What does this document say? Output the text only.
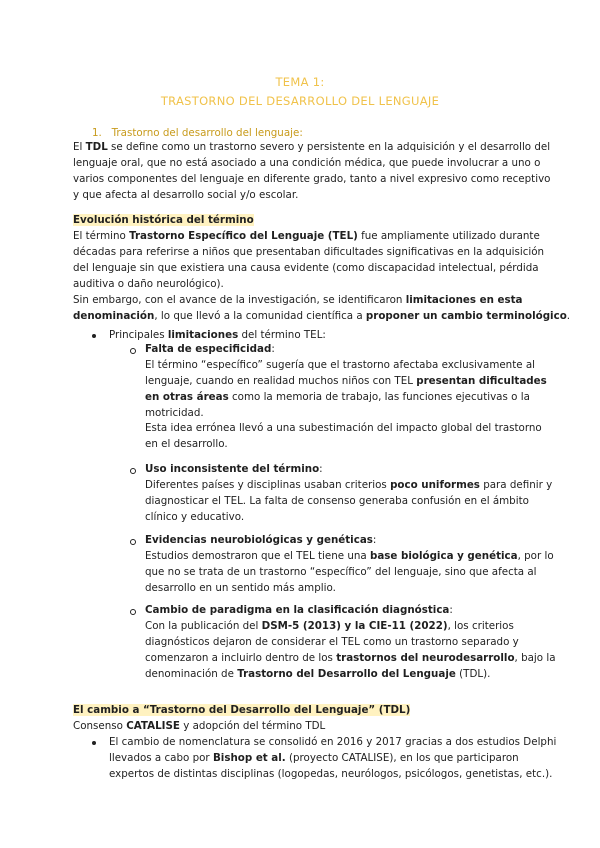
TEMA 1:
TRASTORNO DEL DESARROLLO DEL LENGUAJE
1. Trastorno del desarrollo del lenguaje:
El TDL se define como un trastorno severo y persistente en la adquisición y el desarrollo del
lenguaje oral, que no está asociado a una condición médica, que puede involucrar a uno o
varios componentes del lenguaje en diferente grado, tanto a nivel expresivo como receptivo
y que afecta al desarrollo social y/o escolar.
Evolución histórica del término
El término Trastorno Específico del Lenguaje (TEL) fue ampliamente utilizado durante
décadas para referirse a niños que presentaban dificultades significativas en la adquisición
del lenguaje sin que existiera una causa evidente (como discapacidad intelectual, pérdida
auditiva o daño neurológico).
Sin embargo, con el avance de la investigación, se identificaron limitaciones en esta
denominación, lo que llevó a la comunidad científica a proponer un cambio terminológico.
Principales limitaciones del término TEL:
Falta de especificidad:
El término “específico” sugería que el trastorno afectaba exclusivamente al
lenguaje, cuando en realidad muchos niños con TEL presentan dificultades
en otras áreas como la memoria de trabajo, las funciones ejecutivas o la
motricidad.
Esta idea errónea llevó a una subestimación del impacto global del trastorno
en el desarrollo.
Uso inconsistente del término:
Diferentes países y disciplinas usaban criterios poco uniformes para definir y
diagnosticar el TEL. La falta de consenso generaba confusión en el ámbito
clínico y educativo.
Evidencias neurobiológicas y genéticas:
Estudios demostraron que el TEL tiene una base biológica y genética, por lo
que no se trata de un trastorno “específico” del lenguaje, sino que afecta al
desarrollo en un sentido más amplio.
Cambio de paradigma en la clasificación diagnóstica:
Con la publicación del DSM-5 (2013) y la CIE-11 (2022), los criterios
diagnósticos dejaron de considerar el TEL como un trastorno separado y
comenzaron a incluirlo dentro de los trastornos del neurodesarrollo, bajo la
denominación de Trastorno del Desarrollo del Lenguaje (TDL).
El cambio a “Trastorno del Desarrollo del Lenguaje” (TDL)
Consenso CATALISE y adopción del término TDL
El cambio de nomenclatura se consolidó en 2016 y 2017 gracias a dos estudios Delphi
llevados a cabo por Bishop et al. (proyecto CATALISE), en los que participaron
expertos de distintas disciplinas (logopedas, neurólogos, psicólogos, genetistas, etc.).
